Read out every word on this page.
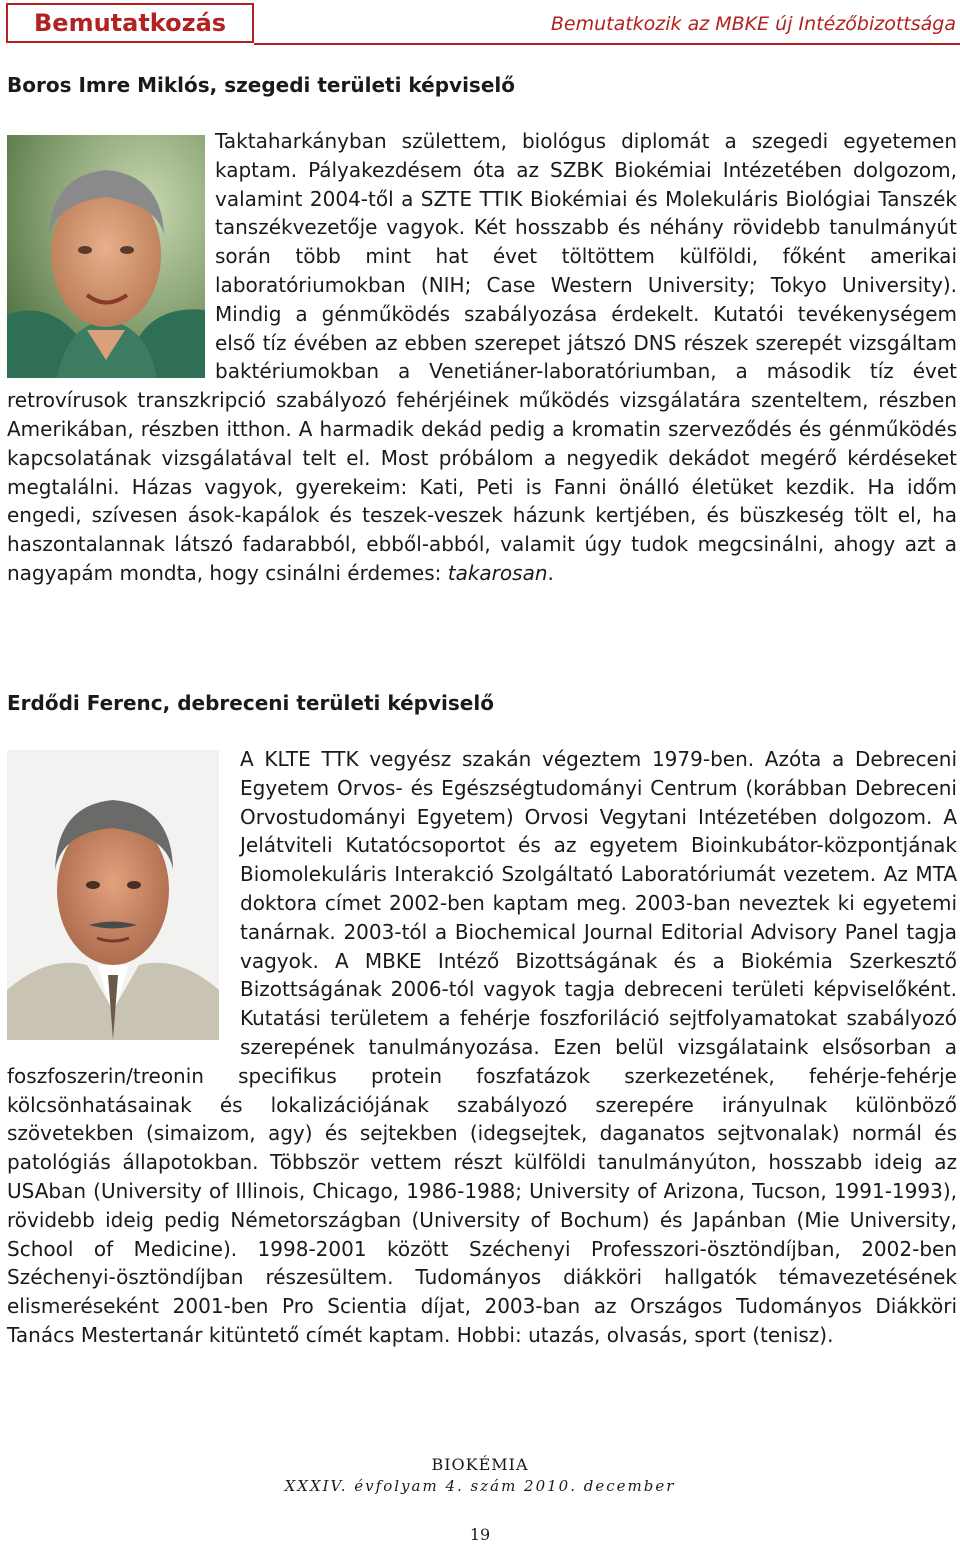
Bemutatkozás	Bemutatkozik az MBKE új Intézőbizottsága
Boros Imre Miklós, szegedi területi képviselő
Taktaharkányban születtem, biológus diplomát a szegedi egyetemen kaptam. Pályakezdésem óta az SZBK Biokémiai Intézetében dolgozom, valamint 2004-től a SZTE TTIK Biokémiai és Molekuláris Biológiai Tanszék tanszékvezetője vagyok. Két hosszabb és néhány rövidebb tanulmányút során több mint hat évet töltöttem külföldi, főként amerikai laboratóriumokban (NIH; Case Western University; Tokyo University). Mindig a génműködés szabályozása érdekelt. Kutatói tevékenységem első tíz évében az ebben szerepet játszó DNS részek szerepét vizsgáltam baktériumokban a Venetiáner-laboratóriumban, a második tíz évet retrovírusok transzkripció szabályozó fehérjéinek működés vizsgálatára szenteltem, részben Amerikában, részben itthon. A harmadik dekád pedig a kromatin szerveződés és génműködés kapcsolatának vizsgálatával telt el. Most próbálom a negyedik dekádot megérő kérdéseket megtalálni. Házas vagyok, gyerekeim: Kati, Peti is Fanni önálló életüket kezdik. Ha időm engedi, szívesen ások-kapálok és teszek-veszek házunk kertjében, és büszkeség tölt el, ha haszontalannak látszó fadarabból, ebből-abból, valamit úgy tudok megcsinálni, ahogy azt a nagyapám mondta, hogy csinálni érdemes: takarosan.
Erdődi Ferenc, debreceni területi képviselő
A KLTE TTK vegyész szakán végeztem 1979-ben. Azóta a Debreceni Egyetem Orvos- és Egészségtudományi Centrum (korábban Debreceni Orvostudományi Egyetem) Orvosi Vegytani Intézetében dolgozom. A Jelátviteli Kutatócsoportot és az egyetem Bioinkubátor-központjának Biomolekuláris Interakció Szolgáltató Laboratóriumát vezetem. Az MTA doktora címet 2002-ben kaptam meg. 2003-ban neveztek ki egyetemi tanárnak. 2003-tól a Biochemical Journal Editorial Advisory Panel tagja vagyok. A MBKE Intéző Bizottságának és a Biokémia Szerkesztő Bizottságának 2006-tól vagyok tagja debreceni területi képviselőként. Kutatási területem a fehérje foszforiláció sejtfolyamatokat szabályozó szerepének tanulmányozása. Ezen belül vizsgálataink elsősorban a foszfoszerin/treonin specifikus protein foszfatázok szerkezetének, fehérje-fehérje kölcsönhatásainak és lokalizációjának szabályozó szerepére irányulnak különböző szövetekben (simaizom, agy) és sejtekben (idegsejtek, daganatos sejtvonalak) normál és patológiás állapotokban. Többször vettem részt külföldi tanulmányúton, hosszabb ideig az USAban (University of Illinois, Chicago, 1986-1988; University of Arizona, Tucson, 1991-1993), rövidebb ideig pedig Németországban (University of Bochum) és Japánban (Mie University, School of Medicine). 1998-2001 között Széchenyi Professzori-ösztöndíjban, 2002-ben Széchenyi-ösztöndíjban részesültem. Tudományos diákköri hallgatók témavezetésének elismeréseként 2001-ben Pro Scientia díjat, 2003-ban az Országos Tudományos Diákköri Tanács Mestertanár kitüntető címét kaptam. Hobbi: utazás, olvasás, sport (tenisz).
BIOKÉMIA
XXXIV. évfolyam 4. szám 2010. december
19
